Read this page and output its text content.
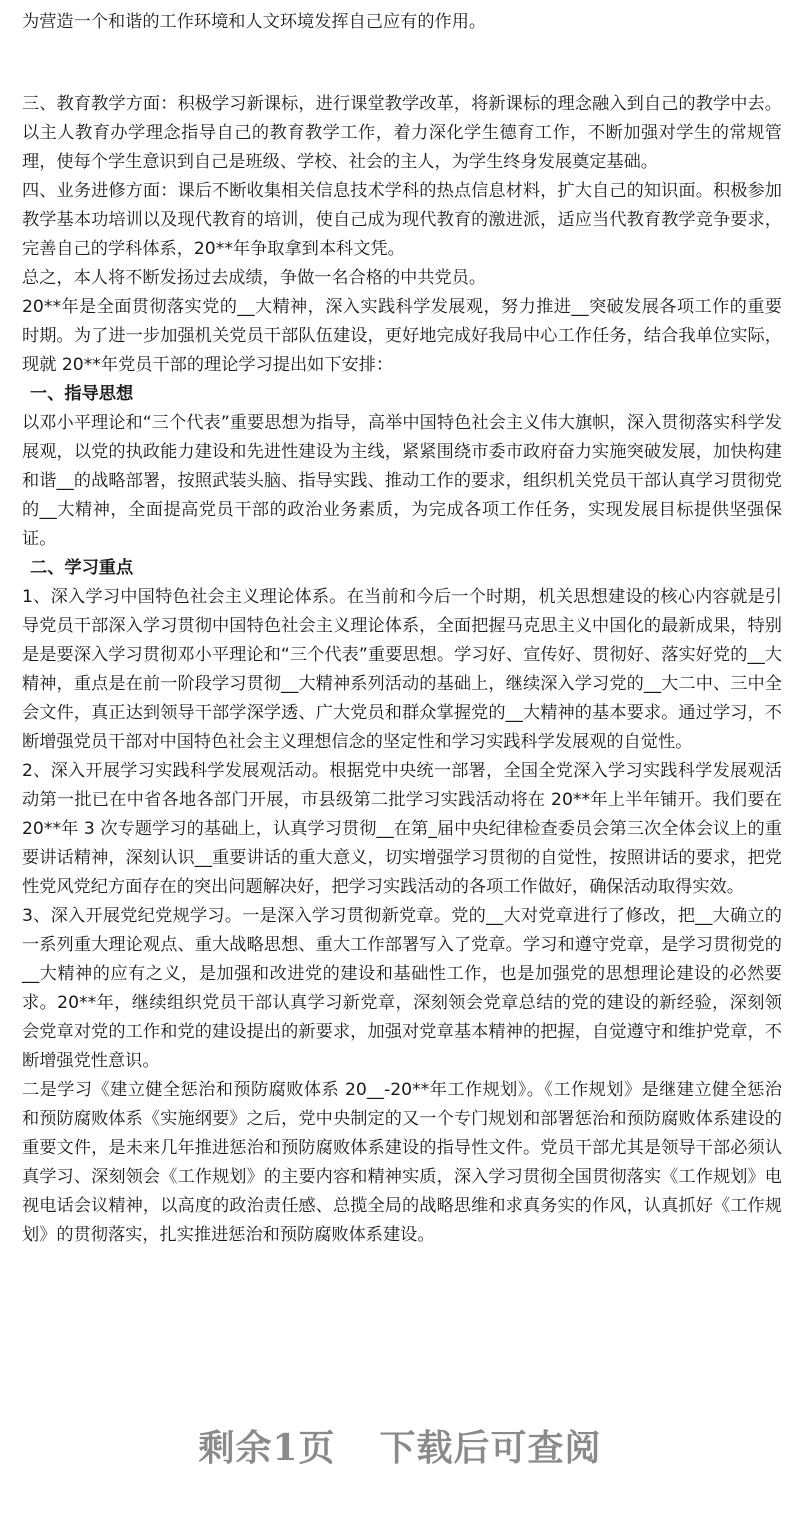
为营造一个和谐的工作环境和人文环境发挥自己应有的作用。

三、教育教学方面：积极学习新课标，进行课堂教学改革，将新课标的理念融入到自己的教学中去。以主人教育办学理念指导自己的教育教学工作，着力深化学生德育工作，不断加强对学生的常规管理，使每个学生意识到自己是班级、学校、社会的主人，为学生终身发展奠定基础。

四、业务进修方面：课后不断收集相关信息技术学科的热点信息材料，扩大自己的知识面。积极参加教学基本功培训以及现代教育的培训，使自己成为现代教育的激进派，适应当代教育教学竞争要求，完善自己的学科体系，20**年争取拿到本科文凭。

总之，本人将不断发扬过去成绩，争做一名合格的中共党员。

20**年是全面贯彻落实党的__大精神，深入实践科学发展观，努力推进__突破发展各项工作的重要时期。为了进一步加强机关党员干部队伍建设，更好地完成好我局中心工作任务，结合我单位实际，现就 20**年党员干部的理论学习提出如下安排：

一、指导思想

以邓小平理论和“三个代表”重要思想为指导，高举中国特色社会主义伟大旗帜，深入贯彻落实科学发展观，以党的执政能力建设和先进性建设为主线，紧紧围绕市委市政府奋力实施突破发展，加快构建和谐__的战略部署，按照武装头脑、指导实践、推动工作的要求，组织机关党员干部认真学习贯彻党的__大精神，全面提高党员干部的政治业务素质，为完成各项工作任务，实现发展目标提供坚强保证。

二、学习重点

1、深入学习中国特色社会主义理论体系。在当前和今后一个时期，机关思想建设的核心内容就是引导党员干部深入学习贯彻中国特色社会主义理论体系，全面把握马克思主义中国化的最新成果，特别是是要深入学习贯彻邓小平理论和“三个代表”重要思想。学习好、宣传好、贯彻好、落实好党的__大精神，重点是在前一阶段学习贯彻__大精神系列活动的基础上，继续深入学习党的__大二中、三中全会文件，真正达到领导干部学深学透、广大党员和群众掌握党的__大精神的基本要求。通过学习，不断增强党员干部对中国特色社会主义理想信念的坚定性和学习实践科学发展观的自觉性。

2、深入开展学习实践科学发展观活动。根据党中央统一部署，全国全党深入学习实践科学发展观活动第一批已在中省各地各部门开展，市县级第二批学习实践活动将在 20**年上半年铺开。我们要在 20**年 3 次专题学习的基础上，认真学习贯彻__在第_届中央纪律检查委员会第三次全体会议上的重要讲话精神，深刻认识__重要讲话的重大意义，切实增强学习贯彻的自觉性，按照讲话的要求，把党性党风党纪方面存在的突出问题解决好，把学习实践活动的各项工作做好，确保活动取得实效。

3、深入开展党纪党规学习。一是深入学习贯彻新党章。党的__大对党章进行了修改，把__大确立的一系列重大理论观点、重大战略思想、重大工作部署写入了党章。学习和遵守党章，是学习贯彻党的__大精神的应有之义，是加强和改进党的建设和基础性工作，也是加强党的思想理论建设的必然要求。20**年，继续组织党员干部认真学习新党章，深刻领会党章总结的党的建设的新经验，深刻领会党章对党的工作和党的建设提出的新要求，加强对党章基本精神的把握，自觉遵守和维护党章，不断增强党性意识。

二是学习《建立健全惩治和预防腐败体系 20__-20**年工作规划》。《工作规划》是继建立健全惩治和预防腐败体系《实施纲要》之后，党中央制定的又一个专门规划和部署惩治和预防腐败体系建设的重要文件，是未来几年推进惩治和预防腐败体系建设的指导性文件。党员干部尤其是领导干部必须认真学习、深刻领会《工作规划》的主要内容和精神实质，深入学习贯彻全国贯彻落实《工作规划》电视电话会议精神，以高度的政治责任感、总揽全局的战略思维和求真务实的作风，认真抓好《工作规划》的贯彻落实，扎实推进惩治和预防腐败体系建设。

剩余1页 下载后可查阅
